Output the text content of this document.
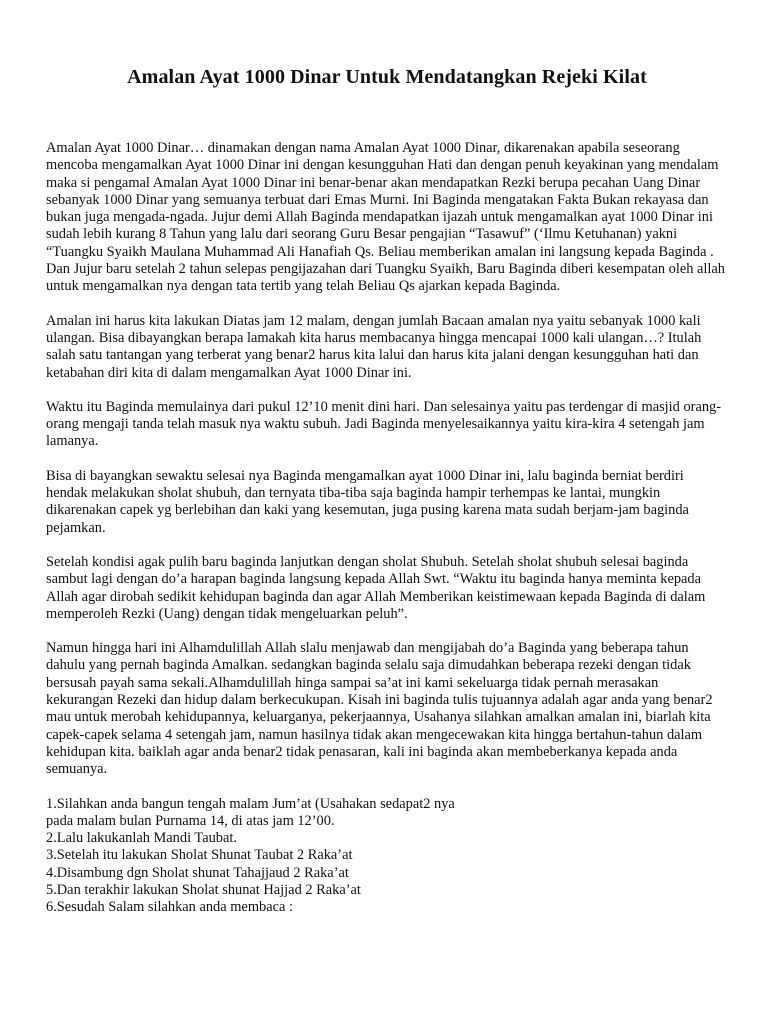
Amalan Ayat 1000 Dinar Untuk Mendatangkan Rejeki Kilat

Amalan Ayat 1000 Dinar… dinamakan dengan nama Amalan Ayat 1000 Dinar, dikarenakan apabila seseorang mencoba mengamalkan Ayat 1000 Dinar ini dengan kesungguhan Hati dan dengan penuh keyakinan yang mendalam maka si pengamal Amalan Ayat 1000 Dinar ini benar-benar akan mendapatkan Rezki berupa pecahan Uang Dinar sebanyak 1000 Dinar yang semuanya terbuat dari Emas Murni. Ini Baginda mengatakan Fakta Bukan rekayasa dan bukan juga mengada-ngada. Jujur demi Allah Baginda mendapatkan ijazah untuk mengamalkan ayat 1000 Dinar ini sudah lebih kurang 8 Tahun yang lalu dari seorang Guru Besar pengajian “Tasawuf” (‘Ilmu Ketuhanan) yakni “Tuangku Syaikh Maulana Muhammad Ali Hanafiah Qs. Beliau memberikan amalan ini langsung kepada Baginda . Dan Jujur baru setelah 2 tahun selepas pengijazahan dari Tuangku Syaikh, Baru Baginda diberi kesempatan oleh allah untuk mengamalkan nya dengan tata tertib yang telah Beliau Qs ajarkan kepada Baginda.

Amalan ini harus kita lakukan Diatas jam 12 malam, dengan jumlah Bacaan amalan nya yaitu sebanyak 1000 kali ulangan. Bisa dibayangkan berapa lamakah kita harus membacanya hingga mencapai 1000 kali ulangan…? Itulah salah satu tantangan yang terberat yang benar2 harus kita lalui dan harus kita jalani dengan kesungguhan hati dan ketabahan diri kita di dalam mengamalkan Ayat 1000 Dinar ini.

Waktu itu Baginda memulainya dari pukul 12’10 menit dini hari. Dan selesainya yaitu pas terdengar di masjid orang-orang mengaji tanda telah masuk nya waktu subuh. Jadi Baginda menyelesaikannya yaitu kira-kira 4 setengah jam lamanya.

Bisa di bayangkan sewaktu selesai nya Baginda mengamalkan ayat 1000 Dinar ini, lalu baginda berniat berdiri hendak melakukan sholat shubuh, dan ternyata tiba-tiba saja baginda hampir terhempas ke lantai, mungkin dikarenakan capek yg berlebihan dan kaki yang kesemutan, juga pusing karena mata sudah berjam-jam baginda pejamkan.

Setelah kondisi agak pulih baru baginda lanjutkan dengan sholat Shubuh. Setelah sholat shubuh selesai baginda sambut lagi dengan do’a harapan baginda langsung kepada Allah Swt. “Waktu itu baginda hanya meminta kepada Allah agar dirobah sedikit kehidupan baginda dan agar Allah Memberikan keistimewaan kepada Baginda di dalam memperoleh Rezki (Uang) dengan tidak mengeluarkan peluh”.

Namun hingga hari ini Alhamdulillah Allah slalu menjawab dan mengijabah do’a Baginda yang beberapa tahun dahulu yang pernah baginda Amalkan. sedangkan baginda selalu saja dimudahkan beberapa rezeki dengan tidak bersusah payah sama sekali.Alhamdulillah hinga sampai sa’at ini kami sekeluarga tidak pernah merasakan kekurangan Rezeki dan hidup dalam berkecukupan. Kisah ini baginda tulis tujuannya adalah agar anda yang benar2 mau untuk merobah kehidupannya, keluarganya, pekerjaannya, Usahanya silahkan amalkan amalan ini, biarlah kita capek-capek selama 4 setengah jam, namun hasilnya tidak akan mengecewakan kita hingga bertahun-tahun dalam kehidupan kita. baiklah agar anda benar2 tidak penasaran, kali ini baginda akan membeberkanya kepada anda semuanya.

1.Silahkan anda bangun tengah malam Jum’at (Usahakan sedapat2 nya
pada malam bulan Purnama 14, di atas jam 12’00.
2.Lalu lakukanlah Mandi Taubat.
3.Setelah itu lakukan Sholat Shunat Taubat 2 Raka’at
4.Disambung dgn Sholat shunat Tahajjaud 2 Raka’at
5.Dan terakhir lakukan Sholat shunat Hajjad 2 Raka’at
6.Sesudah Salam silahkan anda membaca :
